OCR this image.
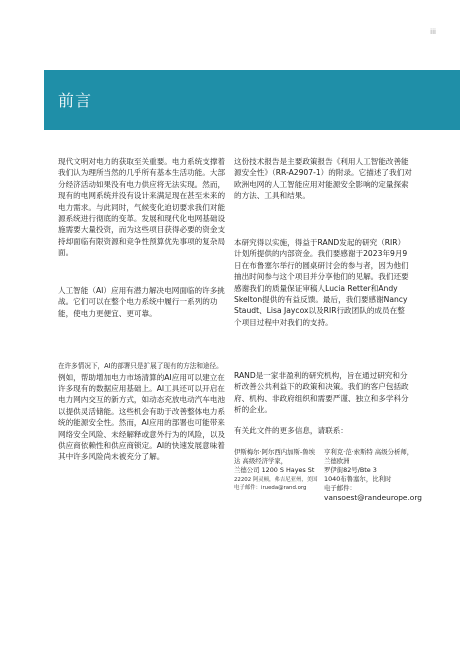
iii
前言

现代文明对电力的获取至关重要。电力系统支撑着我们认为理所当然的几乎所有基本生活功能。大部分经济活动如果没有电力供应将无法实现。然而，现有的电网系统并没有设计来满足现在甚至未来的电力需求。与此同时，气候变化迫切要求我们对能源系统进行彻底的变革。发展和现代化电网基础设施需要大量投资，而为这些项目获得必要的资金支持却面临有限资源和竞争性预算优先事项的复杂局面。

人工智能（AI）应用有潜力解决电网面临的许多挑战。它们可以在整个电力系统中履行一系列的功能，使电力更便宜、更可靠。

在许多情况下，AI的部署只是扩展了现有的方法和途径。

例如，帮助增加电力市场清算的AI应用可以建立在许多现有的数据应用基础上。AI工具还可以开启在电力网内交互的新方式，如动态充放电动汽车电池以提供灵活储能。这些机会有助于改善整体电力系统的能源安全性。然而，AI应用的部署也可能带来网络安全风险、未经解释或意外行为的风险，以及供应商依赖性和供应商锁定。AI的快速发展意味着其中许多风险尚未被充分了解。

这份技术报告是主要政策报告《利用人工智能改善能源安全性》（RR-A2907-1）的附录。它描述了我们对欧洲电网的人工智能应用对能源安全影响的定量探索的方法、工具和结果。

本研究得以实施，得益于RAND发起的研究（RIR）计划所提供的内部资金。我们要感谢于2023年9月9日在布鲁塞尔举行的圆桌研讨会的参与者，因为他们抽出时间参与这个项目并分享他们的见解。我们还要感谢我们的质量保证审稿人Lucia Retter和Andy Skelton提供的有益反馈。最后，我们要感谢Nancy Staudt、Lisa Jaycox以及RIR行政团队的成员在整个项目过程中对我们的支持。

RAND是一家非盈利的研究机构，旨在通过研究和分析改善公共利益下的政策和决策。我们的客户包括政府、机构、非政府组织和需要严谨、独立和多学科分析的企业。

有关此文件的更多信息，请联系：

伊斯梅尔·阿尔西内加斯-鲁埃达 高级经济学家，
兰德公司 1200 S Hayes St
22202 阿灵顿，弗吉尼亚州，美国 电子邮件：iruedа@rand.org
亨利克·范·索斯特 高级分析师，
兰德欧洲
罗伊街82号/Bte 3
1040布鲁塞尔，比利时
电子邮件：
vansoest@randeurope.org
